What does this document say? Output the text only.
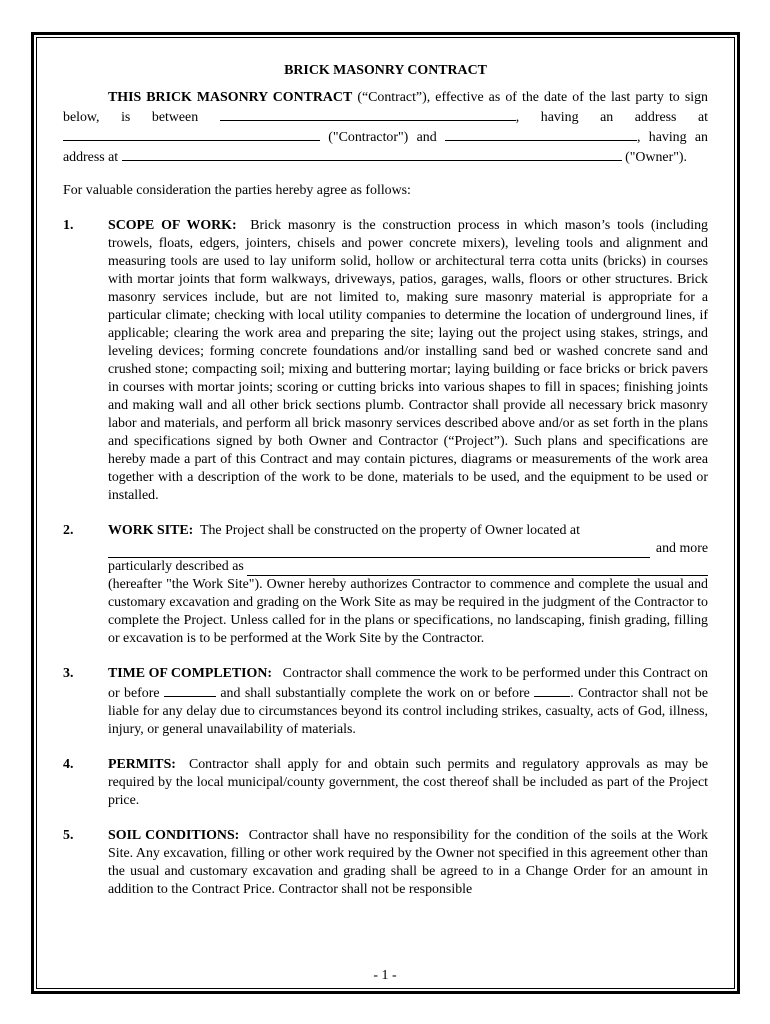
BRICK MASONRY CONTRACT

THIS BRICK MASONRY CONTRACT (“Contract”), effective as of the date of the last party to sign below, is between	, having an address at  ("Contractor") and	, having an address at	("Owner").

For valuable consideration the parties hereby agree as follows:

1.	SCOPE OF WORK: Brick masonry is the construction process in which mason’s tools (including trowels, floats, edgers, jointers, chisels and power concrete mixers), leveling tools and alignment and measuring tools are used to lay uniform solid, hollow or architectural terra cotta units (bricks) in courses with mortar joints that form walkways, driveways, patios, garages, walls, floors or other structures. Brick masonry services include, but are not limited to, making sure masonry material is appropriate for a particular climate; checking with local utility companies to determine the location of underground lines, if applicable; clearing the work area and preparing the site; laying out the project using stakes, strings, and leveling devices; forming concrete foundations and/or installing sand bed or washed concrete sand and crushed stone; compacting soil; mixing and buttering mortar; laying building or face bricks or brick pavers in courses with mortar joints; scoring or cutting bricks into various shapes to fill in spaces; finishing joints and making wall and all other brick sections plumb. Contractor shall provide all necessary brick masonry labor and materials, and perform all brick masonry services described above and/or as set forth in the plans and specifications signed by both Owner and Contractor (“Project”). Such plans and specifications are hereby made a part of this Contract and may contain pictures, diagrams or measurements of the work area together with a description of the work to be done, materials to be used, and the equipment to be used or installed.
2.	WORK SITE: The Project shall be constructed on the property of Owner located at

and more
particularly described as

(hereafter "the Work Site"). Owner hereby authorizes Contractor to commence and complete the usual and customary excavation and grading on the Work Site as may be required in the judgment of the Contractor to complete the Project. Unless called for in the plans or specifications, no landscaping, finish grading, filling or excavation is to be performed at the Work Site by the Contractor.
3.	TIME OF COMPLETION: Contractor shall commence the work to be performed under this Contract on or before	and shall substantially complete the work on or before	. Contractor shall not be liable for any delay due to circumstances beyond its control including strikes, casualty, acts of God, illness, injury, or general unavailability of materials.
4.	PERMITS: Contractor shall apply for and obtain such permits and regulatory approvals as may be required by the local municipal/county government, the cost thereof shall be included as part of the Project price.
5.	SOIL CONDITIONS: Contractor shall have no responsibility for the condition of the soils at the Work Site. Any excavation, filling or other work required by the Owner not specified in this agreement other than the usual and customary excavation and grading shall be agreed to in a Change Order for an amount in addition to the Contract Price. Contractor shall not be responsible
- 1 -
